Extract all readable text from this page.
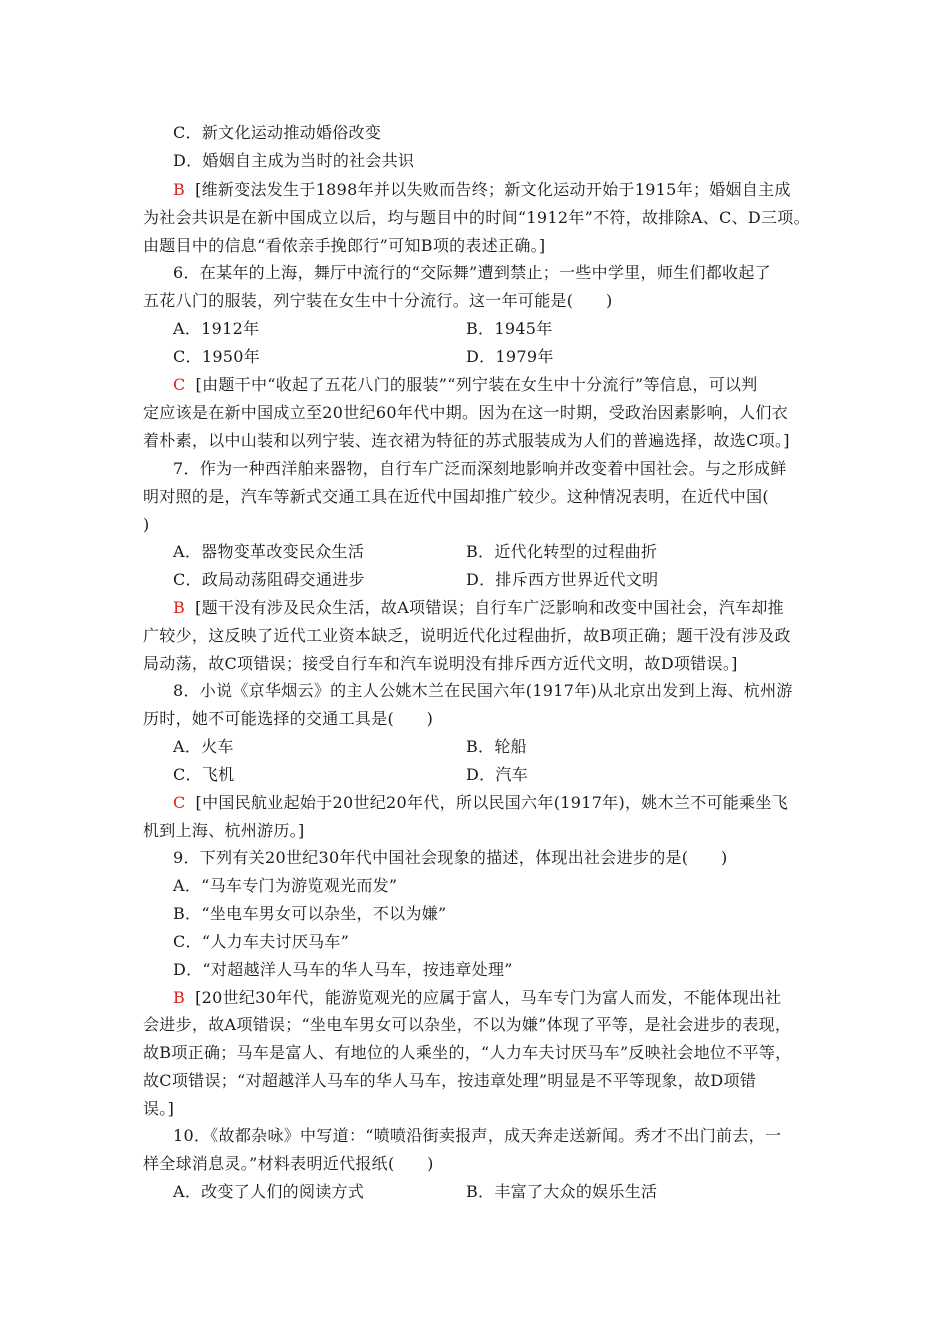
C．新文化运动推动婚俗改变
D．婚姻自主成为当时的社会共识
B [维新变法发生于1898年并以失败而告终；新文化运动开始于1915年；婚姻自主成
为社会共识是在新中国成立以后，均与题目中的时间“1912年”不符，故排除A、C、D三项。
由题目中的信息“看侬亲手挽郎行”可知B项的表述正确。]
6．在某年的上海，舞厅中流行的“交际舞”遭到禁止；一些中学里，师生们都收起了
五花八门的服装，列宁装在女生中十分流行。这一年可能是(　　)
A．1912年	B．1945年
C．1950年	D．1979年
C [由题干中“收起了五花八门的服装”“列宁装在女生中十分流行”等信息，可以判
定应该是在新中国成立至20世纪60年代中期。因为在这一时期，受政治因素影响，人们衣
着朴素，以中山装和以列宁装、连衣裙为特征的苏式服装成为人们的普遍选择，故选C项。]
7．作为一种西洋舶来器物，自行车广泛而深刻地影响并改变着中国社会。与之形成鲜
明对照的是，汽车等新式交通工具在近代中国却推广较少。这种情况表明，在近代中国(
)
A．器物变革改变民众生活	B．近代化转型的过程曲折
C．政局动荡阻碍交通进步	D．排斥西方世界近代文明
B [题干没有涉及民众生活，故A项错误；自行车广泛影响和改变中国社会，汽车却推
广较少，这反映了近代工业资本缺乏，说明近代化过程曲折，故B项正确；题干没有涉及政
局动荡，故C项错误；接受自行车和汽车说明没有排斥西方近代文明，故D项错误。]
8．小说《京华烟云》的主人公姚木兰在民国六年(1917年)从北京出发到上海、杭州游
历时，她不可能选择的交通工具是(　　)
A．火车	B．轮船
C．飞机	D．汽车
C [中国民航业起始于20世纪20年代，所以民国六年(1917年)，姚木兰不可能乘坐飞
机到上海、杭州游历。]
9．下列有关20世纪30年代中国社会现象的描述，体现出社会进步的是(　　)
A．“马车专门为游览观光而发”
B．“坐电车男女可以杂坐，不以为嫌”
C．“人力车夫讨厌马车”
D．“对超越洋人马车的华人马车，按违章处理”
B [20世纪30年代，能游览观光的应属于富人，马车专门为富人而发，不能体现出社
会进步，故A项错误；“坐电车男女可以杂坐，不以为嫌”体现了平等，是社会进步的表现，
故B项正确；马车是富人、有地位的人乘坐的，“人力车夫讨厌马车”反映社会地位不平等，
故C项错误；“对超越洋人马车的华人马车，按违章处理”明显是不平等现象，故D项错
误。]
10．《故都杂咏》中写道：“喷喷沿街卖报声，成天奔走送新闻。秀才不出门前去，一
样全球消息灵。”材料表明近代报纸(　　)
A．改变了人们的阅读方式	B．丰富了大众的娱乐生活
